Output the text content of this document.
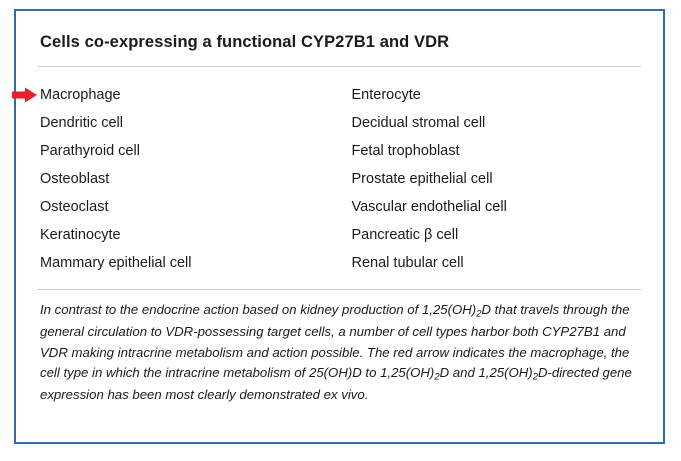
Cells co-expressing a functional CYP27B1 and VDR
Macrophage
Dendritic cell
Parathyroid cell
Osteoblast
Osteoclast
Keratinocyte
Mammary epithelial cell
Enterocyte
Decidual stromal cell
Fetal trophoblast
Prostate epithelial cell
Vascular endothelial cell
Pancreatic β cell
Renal tubular cell
In contrast to the endocrine action based on kidney production of $1,25(OH)_2D$ that travels through the general circulation to VDR-possessing target cells, a number of cell types harbor both CYP27B1 and VDR making intracrine metabolism and action possible. The red arrow indicates the macrophage, the cell type in which the intracrine metabolism of 25(OH)D to $1,25(OH)_2D$ and $1,25(OH)_2D$-directed gene expression has been most clearly demonstrated ex vivo.
